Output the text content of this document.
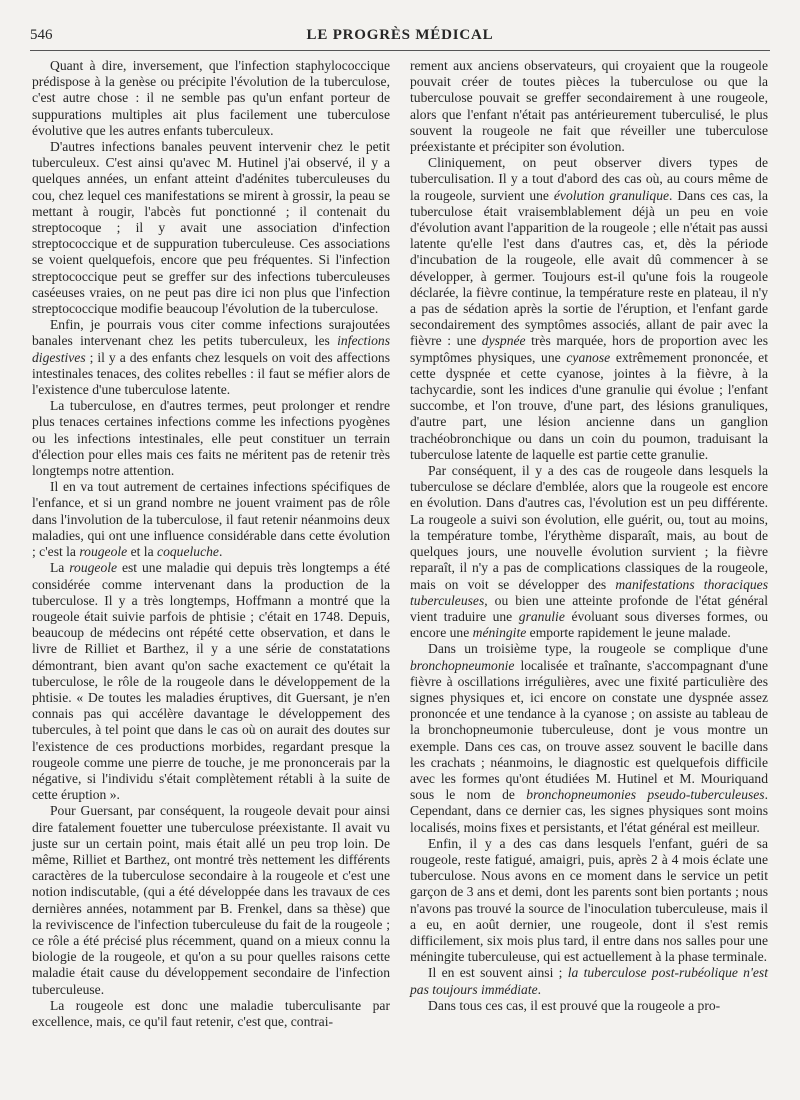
546	LE PROGRÈS MÉDICAL

Quant à dire, inversement, que l'infection staphylococcique prédispose à la genèse ou précipite l'évolution de la tuberculose, c'est autre chose : il ne semble pas qu'un enfant porteur de suppurations multiples ait plus facilement une tuberculose évolutive que les autres enfants tuberculeux.

D'autres infections banales peuvent intervenir chez le petit tuberculeux. C'est ainsi qu'avec M. Hutinel j'ai observé, il y a quelques années, un enfant atteint d'adénites tuberculeuses du cou, chez lequel ces manifestations se mirent à grossir, la peau se mettant à rougir, l'abcès fut ponctionné ; il contenait du streptocoque ; il y avait une association d'infection streptococcique et de suppuration tuberculeuse. Ces associations se voient quelquefois, encore que peu fréquentes. Si l'infection streptococcique peut se greffer sur des infections tuberculeuses caséeuses vraies, on ne peut pas dire ici non plus que l'infection streptococcique modifie beaucoup l'évolution de la tuberculose.

Enfin, je pourrais vous citer comme infections surajoutées banales intervenant chez les petits tuberculeux, les infections digestives ; il y a des enfants chez lesquels on voit des affections intestinales tenaces, des colites rebelles : il faut se méfier alors de l'existence d'une tuberculose latente.

La tuberculose, en d'autres termes, peut prolonger et rendre plus tenaces certaines infections comme les infections pyogènes ou les infections intestinales, elle peut constituer un terrain d'élection pour elles mais ces faits ne méritent pas de retenir très longtemps notre attention.

Il en va tout autrement de certaines infections spécifiques de l'enfance, et si un grand nombre ne jouent vraiment pas de rôle dans l'involution de la tuberculose, il faut retenir néanmoins deux maladies, qui ont une influence considérable dans cette évolution ; c'est la rougeole et la coqueluche.

La rougeole est une maladie qui depuis très longtemps a été considérée comme intervenant dans la production de la tuberculose. Il y a très longtemps, Hoffmann a montré que la rougeole était suivie parfois de phtisie ; c'était en 1748. Depuis, beaucoup de médecins ont répété cette observation, et dans le livre de Rilliet et Barthez, il y a une série de constatations démontrant, bien avant qu'on sache exactement ce qu'était la tuberculose, le rôle de la rougeole dans le développement de la phtisie. « De toutes les maladies éruptives, dit Guersant, je n'en connais pas qui accélère davantage le développement des tubercules, à tel point que dans le cas où on aurait des doutes sur l'existence de ces productions morbides, regardant presque la rougeole comme une pierre de touche, je me prononcerais par la négative, si l'individu s'était complètement rétabli à la suite de cette éruption ».

Pour Guersant, par conséquent, la rougeole devait pour ainsi dire fatalement fouetter une tuberculose préexistante. Il avait vu juste sur un certain point, mais était allé un peu trop loin. De même, Rilliet et Barthez, ont montré très nettement les différents caractères de la tuberculose secondaire à la rougeole et c'est une notion indiscutable, (qui a été développée dans les travaux de ces dernières années, notamment par B. Frenkel, dans sa thèse) que la reviviscence de l'infection tuberculeuse du fait de la rougeole ; ce rôle a été précisé plus récemment, quand on a mieux connu la biologie de la rougeole, et qu'on a su pour quelles raisons cette maladie était cause du développement secondaire de l'infection tuberculeuse.

La rougeole est donc une maladie tuberculisante par excellence, mais, ce qu'il faut retenir, c'est que, contrai-

rement aux anciens observateurs, qui croyaient que la rougeole pouvait créer de toutes pièces la tuberculose ou que la tuberculose pouvait se greffer secondairement à une rougeole, alors que l'enfant n'était pas antérieurement tuberculisé, le plus souvent la rougeole ne fait que réveiller une tuberculose préexistante et précipiter son évolution.

Cliniquement, on peut observer divers types de tuberculisation. Il y a tout d'abord des cas où, au cours même de la rougeole, survient une évolution granulique. Dans ces cas, la tuberculose était vraisemblablement déjà un peu en voie d'évolution avant l'apparition de la rougeole ; elle n'était pas aussi latente qu'elle l'est dans d'autres cas, et, dès la période d'incubation de la rougeole, elle avait dû commencer à se développer, à germer. Toujours est-il qu'une fois la rougeole déclarée, la fièvre continue, la température reste en plateau, il n'y a pas de sédation après la sortie de l'éruption, et l'enfant garde secondairement des symptômes associés, allant de pair avec la fièvre : une dyspnée très marquée, hors de proportion avec les symptômes physiques, une cyanose extrêmement prononcée, et cette dyspnée et cette cyanose, jointes à la fièvre, à la tachycardie, sont les indices d'une granulie qui évolue ; l'enfant succombe, et l'on trouve, d'une part, des lésions granuliques, d'autre part, une lésion ancienne dans un ganglion trachéobronchique ou dans un coin du poumon, traduisant la tuberculose latente de laquelle est partie cette granulie.

Par conséquent, il y a des cas de rougeole dans lesquels la tuberculose se déclare d'emblée, alors que la rougeole est encore en évolution. Dans d'autres cas, l'évolution est un peu différente. La rougeole a suivi son évolution, elle guérit, ou, tout au moins, la température tombe, l'érythème disparaît, mais, au bout de quelques jours, une nouvelle évolution survient ; la fièvre reparaît, il n'y a pas de complications classiques de la rougeole, mais on voit se développer des manifestations thoraciques tuberculeuses, ou bien une atteinte profonde de l'état général vient traduire une granulie évoluant sous diverses formes, ou encore une méningite emporte rapidement le jeune malade.

Dans un troisième type, la rougeole se complique d'une bronchopneumonie localisée et traînante, s'accompagnant d'une fièvre à oscillations irrégulières, avec une fixité particulière des signes physiques et, ici encore on constate une dyspnée assez prononcée et une tendance à la cyanose ; on assiste au tableau de la bronchopneumonie tuberculeuse, dont je vous montre un exemple. Dans ces cas, on trouve assez souvent le bacille dans les crachats ; néanmoins, le diagnostic est quelquefois difficile avec les formes qu'ont étudiées M. Hutinel et M. Mouriquand sous le nom de bronchopneumonies pseudo-tuberculeuses. Cependant, dans ce dernier cas, les signes physiques sont moins localisés, moins fixes et persistants, et l'état général est meilleur.

Enfin, il y a des cas dans lesquels l'enfant, guéri de sa rougeole, reste fatigué, amaigri, puis, après 2 à 4 mois éclate une tuberculose. Nous avons en ce moment dans le service un petit garçon de 3 ans et demi, dont les parents sont bien portants ; nous n'avons pas trouvé la source de l'inoculation tuberculeuse, mais il a eu, en août dernier, une rougeole, dont il s'est remis difficilement, six mois plus tard, il entre dans nos salles pour une méningite tuberculeuse, qui est actuellement à la phase terminale.

Il en est souvent ainsi ; la tuberculose post-rubéolique n'est pas toujours immédiate.

Dans tous ces cas, il est prouvé que la rougeole a pro-
